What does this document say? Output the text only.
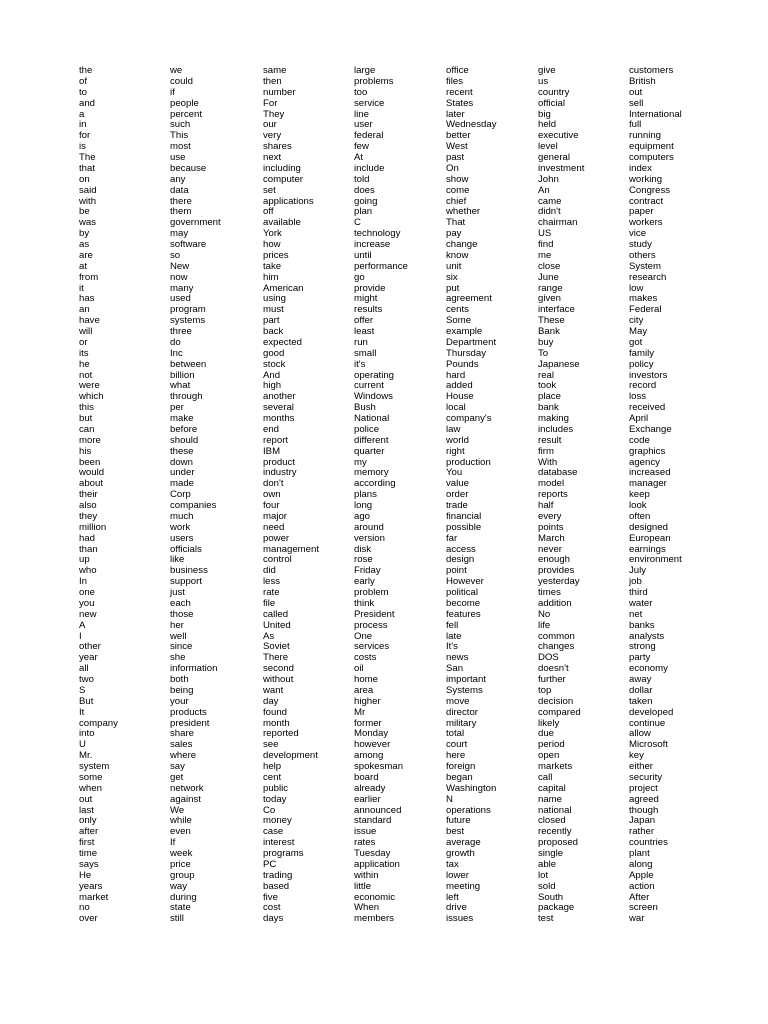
the
of
to
and
a
in
for
is
The
that
on
said
with
be
was
by
as
are
at
from
it
has
an
have
will
or
its
he
not
were
which
this
but
can
more
his
been
would
about
their
also
they
million
had
than
up
who
In
one
you
new
A
I
other
year
all
two
S
But
It
company
into
U
Mr.
system
some
when
out
last
only
after
first
time
says
He
years
market
no
over
we
could
if
people
percent
such
This
most
use
because
any
data
there
them
government
may
software
so
New
now
many
used
program
systems
three
do
Inc
between
billion
what
through
per
make
before
should
these
down
under
made
Corp
companies
much
work
users
officials
like
business
support
just
each
those
her
well
since
she
information
both
being
your
products
president
share
sales
where
say
get
network
against
We
while
even
If
week
price
group
way
during
state
still
same
then
number
For
They
our
very
shares
next
including
computer
set
applications
off
available
York
how
prices
take
him
American
using
must
part
back
expected
good
stock
And
high
another
several
months
end
report
IBM
product
industry
don't
own
four
major
need
power
management
control
did
less
rate
file
called
United
As
Soviet
There
second
without
want
day
found
month
reported
see
development
help
cent
public
today
Co
money
case
interest
programs
PC
trading
based
five
cost
days
large
problems
too
service
line
user
federal
few
At
include
told
does
going
plan
C
technology
increase
until
performance
go
provide
might
results
offer
least
run
small
it's
operating
current
Windows
Bush
National
police
different
quarter
my
memory
according
plans
long
ago
around
version
disk
rose
Friday
early
problem
think
President
process
One
services
costs
oil
home
area
higher
Mr
former
Monday
however
among
spokesman
board
already
earlier
announced
standard
issue
rates
Tuesday
application
within
little
economic
When
members
office
files
recent
States
later
Wednesday
better
West
past
On
show
come
chief
whether
That
pay
change
know
unit
six
put
agreement
cents
Some
example
Department
Thursday
Pounds
hard
added
House
local
company's
law
world
right
production
You
value
order
trade
financial
possible
far
access
design
point
However
political
become
features
fell
late
It's
news
San
important
Systems
move
director
military
total
court
here
foreign
began
Washington
N
operations
future
best
average
growth
tax
lower
meeting
left
drive
issues
give
us
country
official
big
held
executive
level
general
investment
John
An
came
didn't
chairman
US
find
me
close
June
range
given
interface
These
Bank
buy
To
Japanese
real
took
place
bank
making
includes
result
firm
With
database
model
reports
half
every
points
March
never
enough
provides
yesterday
times
addition
No
life
common
changes
DOS
doesn't
further
top
decision
compared
likely
due
period
open
markets
call
capital
name
national
closed
recently
proposed
single
able
lot
sold
South
package
test
customers
British
out
sell
International
full
running
equipment
computers
index
working
Congress
contract
paper
workers
vice
study
others
System
research
low
makes
Federal
city
May
got
family
policy
investors
record
loss
received
April
Exchange
code
graphics
agency
increased
manager
keep
look
often
designed
European
earnings
environment
July
job
third
water
net
banks
analysts
strong
party
economy
away
dollar
taken
developed
continue
allow
Microsoft
key
either
security
project
agreed
though
Japan
rather
countries
plant
along
Apple
action
After
screen
war
